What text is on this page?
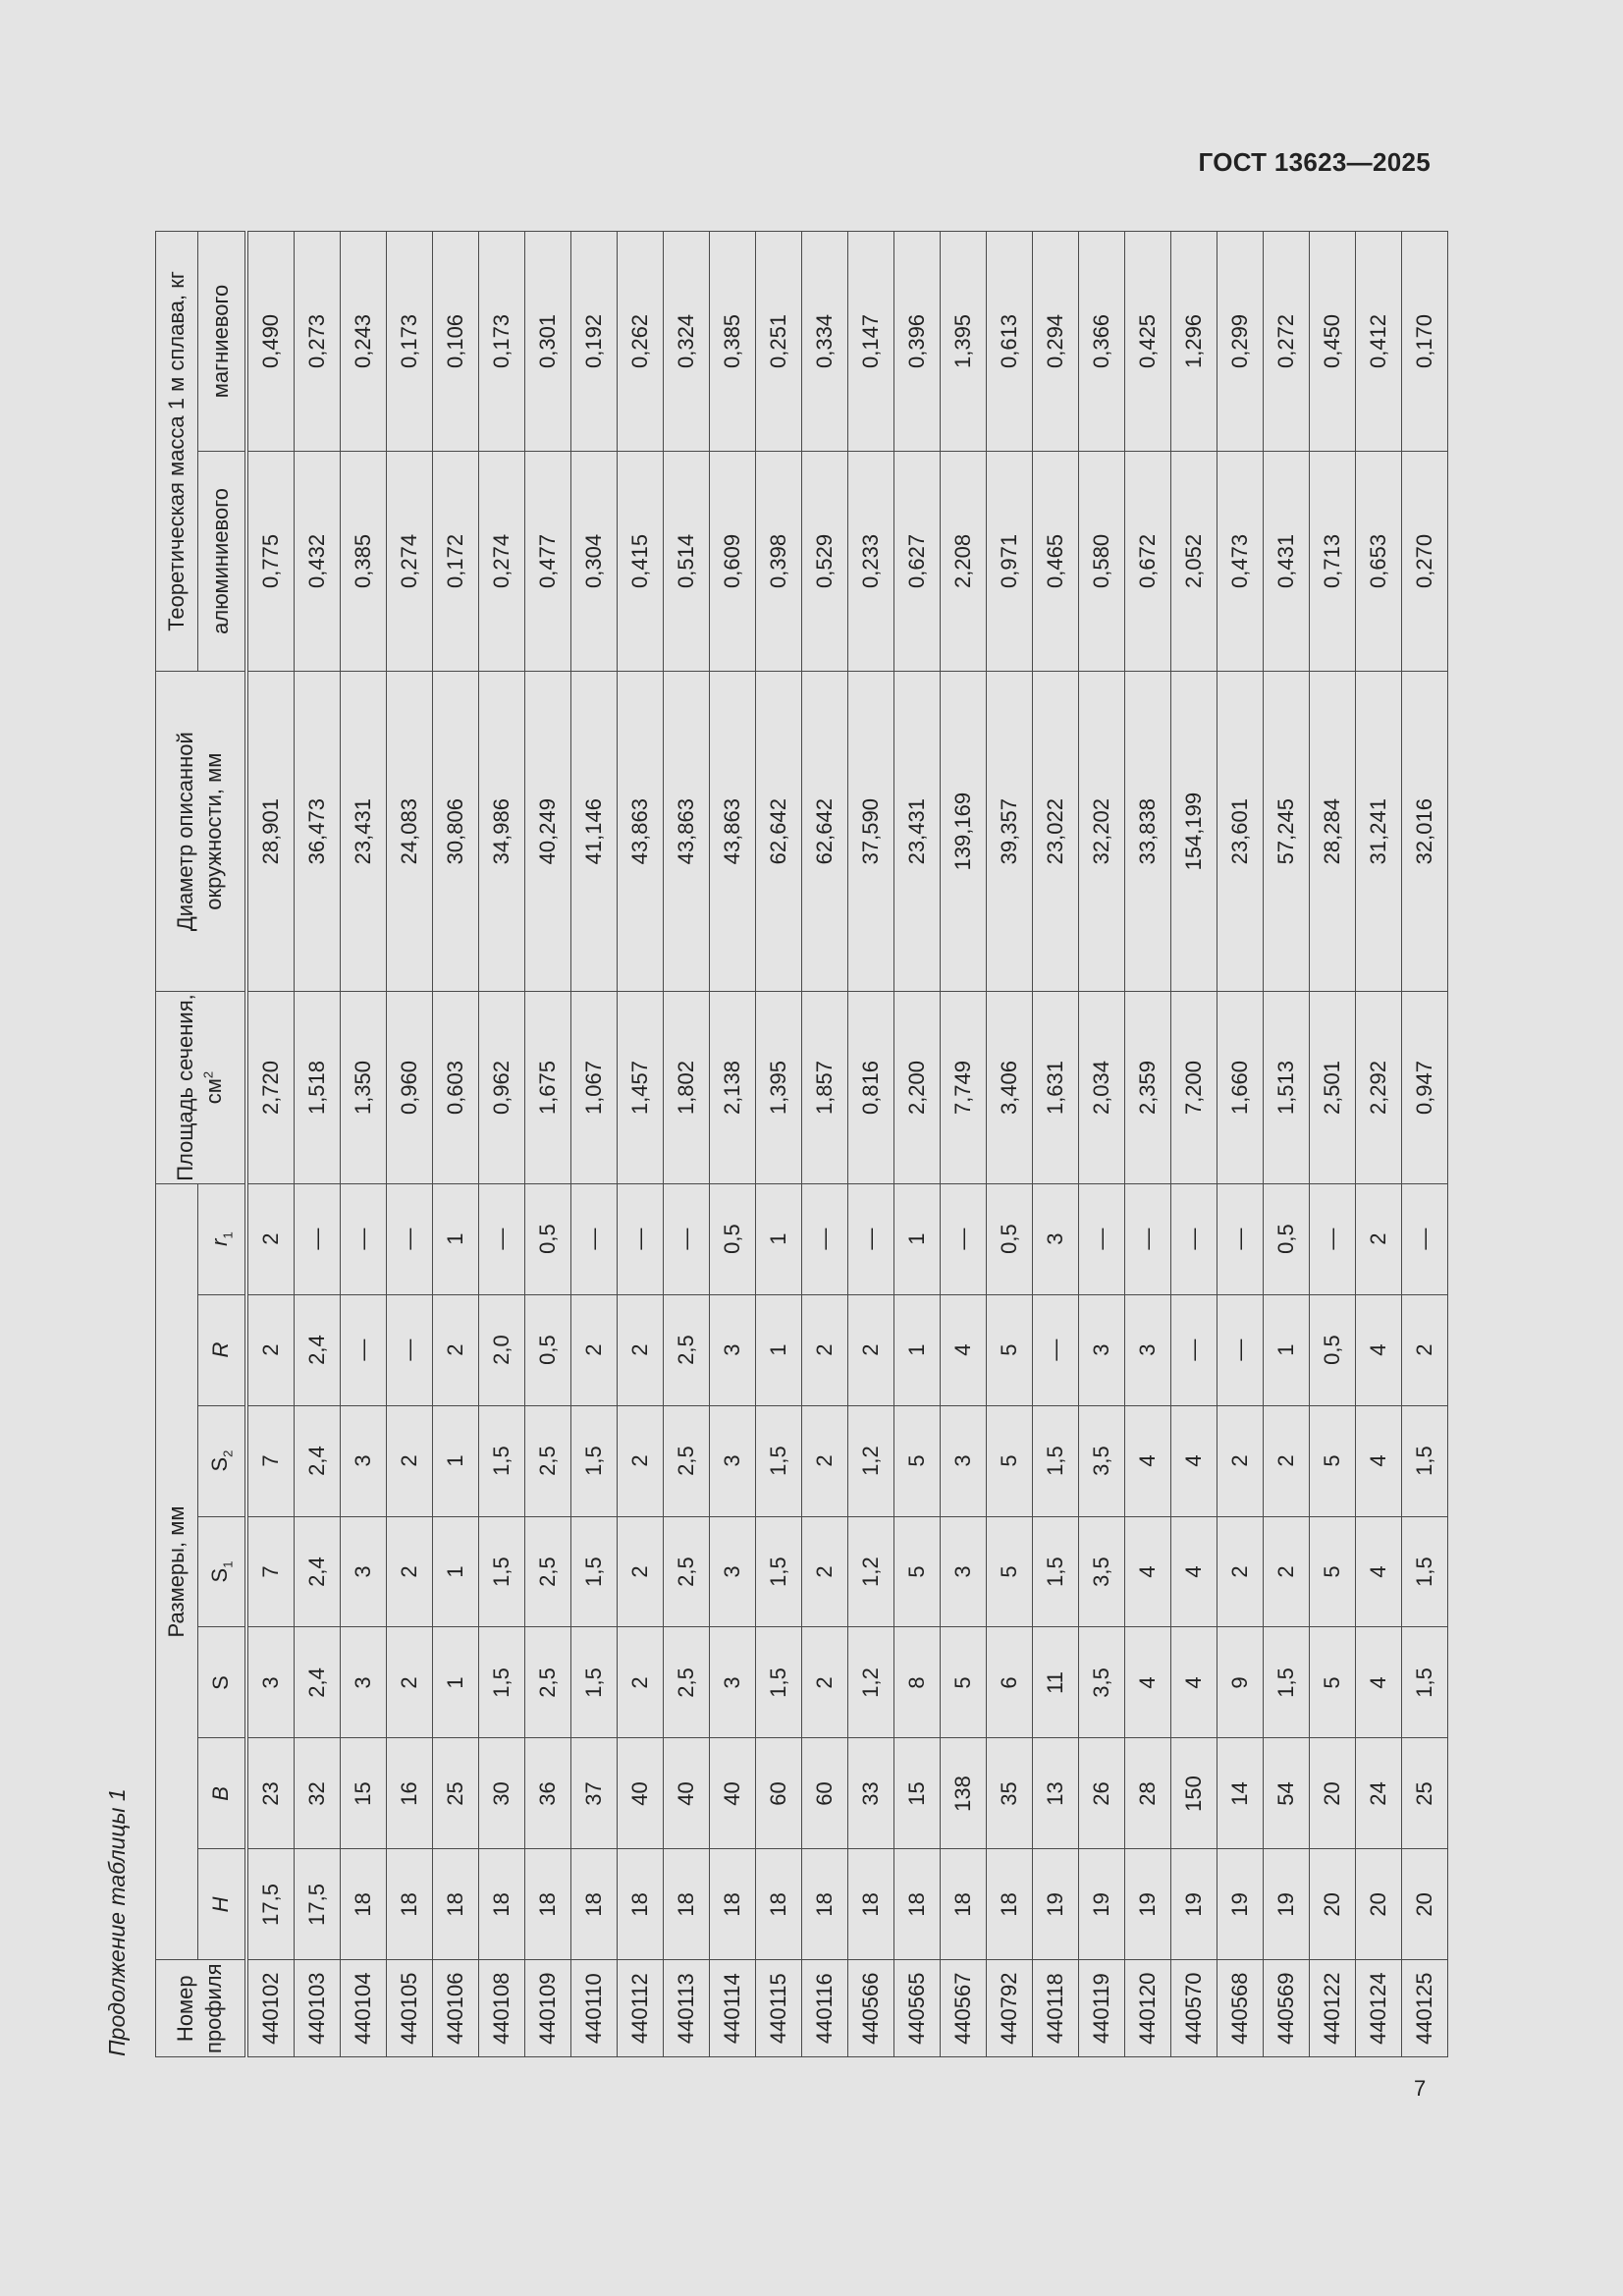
ГОСТ 13623—2025
Продолжение таблицы 1 Номер профиля	Размеры, мм							Площадь сечения, $см^2$	Диаметр описанной окружности, мм	Теоретическая масса 1 м сплава, кг	
	H	B	S	$S_1$	$S_2$	R	$r_1$			алюминиевого	магниевого
440102	17,5	23	3	7	7	2	2	2,720	28,901	0,775	0,490
440103	17,5	32	2,4	2,4	2,4	2,4	—	1,518	36,473	0,432	0,273
440104	18	15	3	3	3	—	—	1,350	23,431	0,385	0,243
440105	18	16	2	2	2	—	—	0,960	24,083	0,274	0,173
440106	18	25	1	1	1	2	1	0,603	30,806	0,172	0,106
440108	18	30	1,5	1,5	1,5	2,0	—	0,962	34,986	0,274	0,173
440109	18	36	2,5	2,5	2,5	0,5	0,5	1,675	40,249	0,477	0,301
440110	18	37	1,5	1,5	1,5	2	—	1,067	41,146	0,304	0,192
440112	18	40	2	2	2	2	—	1,457	43,863	0,415	0,262
440113	18	40	2,5	2,5	2,5	2,5	—	1,802	43,863	0,514	0,324
440114	18	40	3	3	3	3	0,5	2,138	43,863	0,609	0,385
440115	18	60	1,5	1,5	1,5	1	1	1,395	62,642	0,398	0,251
440116	18	60	2	2	2	2	—	1,857	62,642	0,529	0,334
440566	18	33	1,2	1,2	1,2	2	—	0,816	37,590	0,233	0,147
440565	18	15	8	5	5	1	1	2,200	23,431	0,627	0,396
440567	18	138	5	3	3	4	—	7,749	139,169	2,208	1,395
440792	18	35	6	5	5	5	0,5	3,406	39,357	0,971	0,613
440118	19	13	11	1,5	1,5	—	3	1,631	23,022	0,465	0,294
440119	19	26	3,5	3,5	3,5	3	—	2,034	32,202	0,580	0,366
440120	19	28	4	4	4	3	—	2,359	33,838	0,672	0,425
440570	19	150	4	4	4	—	—	7,200	154,199	2,052	1,296
440568	19	14	9	2	2	—	—	1,660	23,601	0,473	0,299
440569	19	54	1,5	2	2	1	0,5	1,513	57,245	0,431	0,272
440122	20	20	5	5	5	0,5	—	2,501	28,284	0,713	0,450
440124	20	24	4	4	4	4	2	2,292	31,241	0,653	0,412
440125	20	25	1,5	1,5	1,5	2	—	0,947	32,016	0,270	0,170
7
